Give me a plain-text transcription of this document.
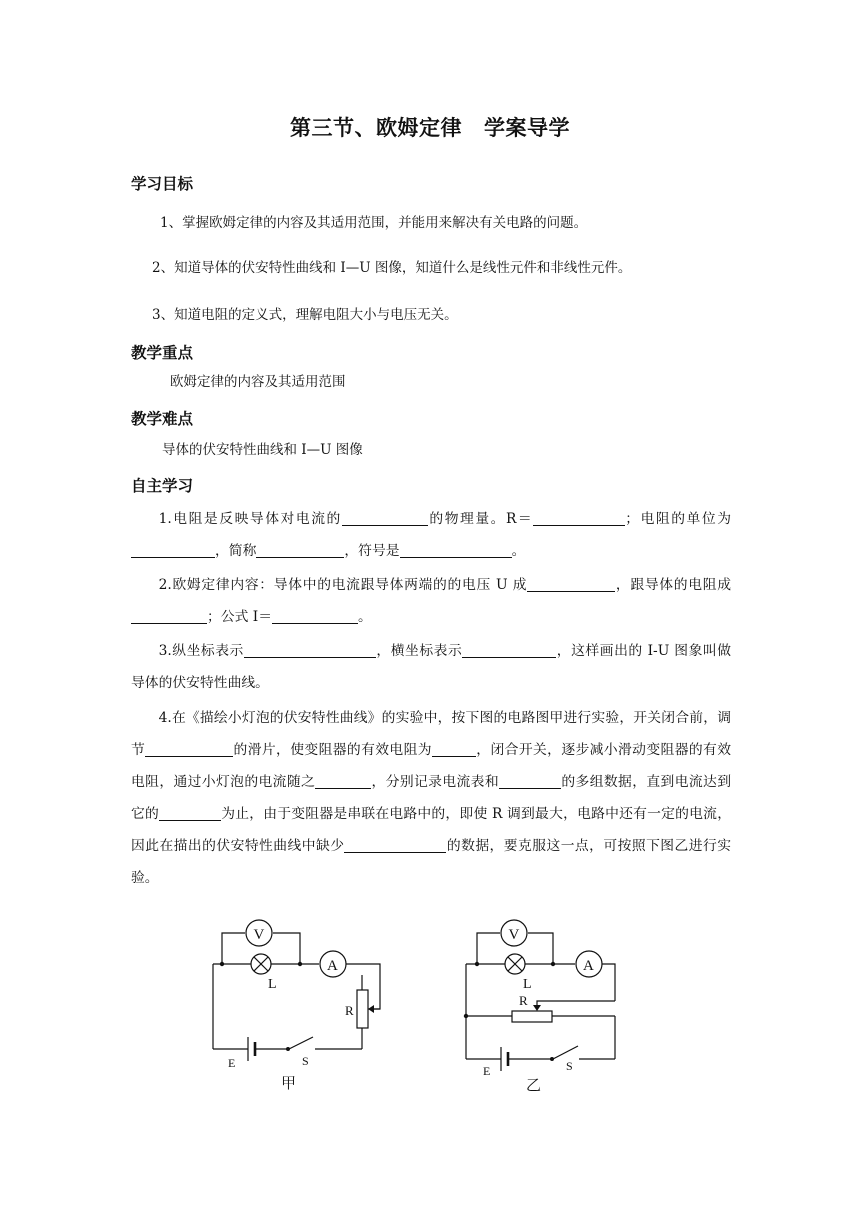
第三节、欧姆定律 学案导学
学习目标
1、掌握欧姆定律的内容及其适用范围，并能用来解决有关电路的问题。
2、知道导体的伏安特性曲线和 I—U 图像，知道什么是线性元件和非线性元件。
3、知道电阻的定义式，理解电阻大小与电压无关。
教学重点
欧姆定律的内容及其适用范围
教学难点
导体的伏安特性曲线和 I—U 图像
自主学习
1.电阻是反映导体对电流的	的物理量。R＝	；电阻的单位为，简称	，符号是	。
2.欧姆定律内容：导体中的电流跟导体两端的的电压 U 成	，跟导体的电阻成；公式 I＝	。
3.纵坐标表示	，横坐标表示	，这样画出的 I-U 图象叫做导体的伏安特性曲线。
4.在《描绘小灯泡的伏安特性曲线》的实验中，按下图的电路图甲进行实验，开关闭合前，调节	的滑片，使变阻器的有效电阻为	，闭合开关，逐步减小滑动变阻器的有效电阻，通过小灯泡的电流随之	，分别记录电流表和	的多组数据，直到电流达到它的	为止，由于变阻器是串联在电路中的，即使 R 调到最大，电路中还有一定的电流，因此在描出的伏安特性曲线中缺少	的数据，要克服这一点，可按照下图乙进行实验。
V
A
L
R
E	S
甲
V
A
L
R
E	S
乙
